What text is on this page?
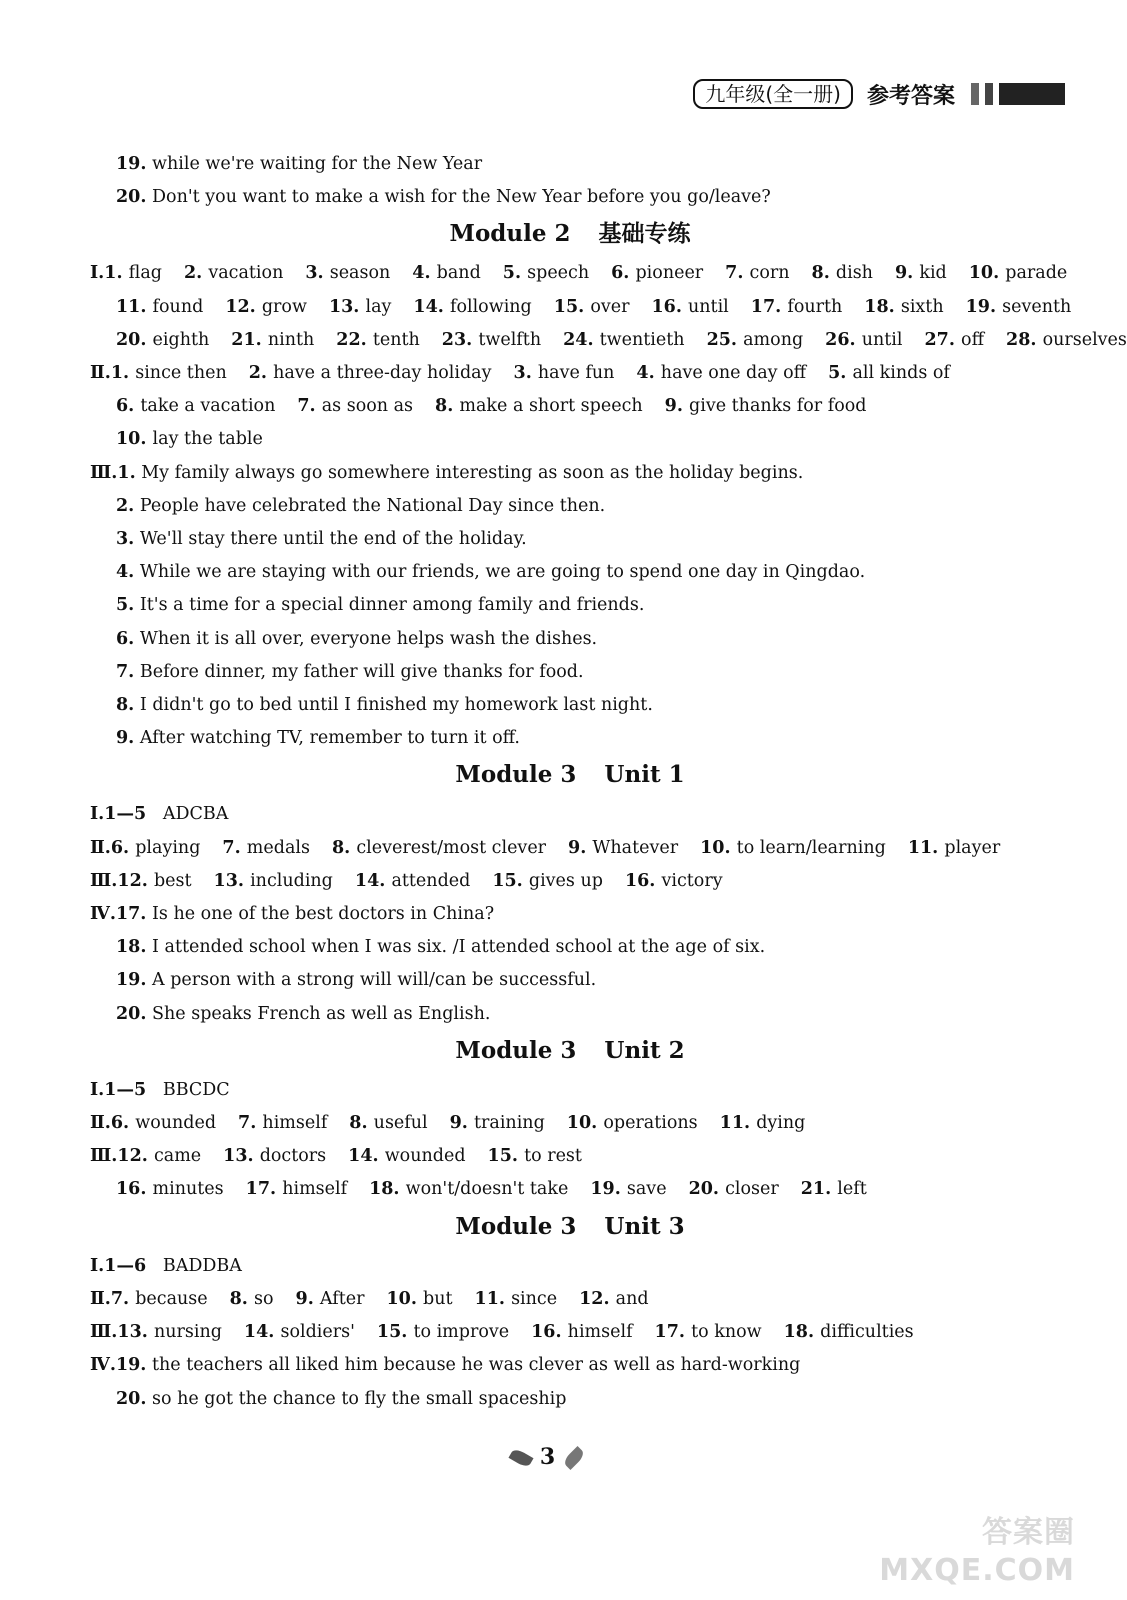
九年级(全一册)	参考答案
19. while we're waiting for the New Year
20. Don't you want to make a wish for the New Year before you go/leave?
Module 2 基础专练
Ⅰ.1. flag 2. vacation 3. season 4. band 5. speech 6. pioneer 7. corn 8. dish 9. kid 10. parade
11. found 12. grow 13. lay 14. following 15. over 16. until 17. fourth 18. sixth 19. seventh
20. eighth 21. ninth 22. tenth 23. twelfth 24. twentieth 25. among 26. until 27. off 28. ourselves
Ⅱ.1. since then 2. have a three-day holiday 3. have fun 4. have one day off 5. all kinds of
6. take a vacation 7. as soon as 8. make a short speech 9. give thanks for food
10. lay the table
Ⅲ.1. My family always go somewhere interesting as soon as the holiday begins.
2. People have celebrated the National Day since then.
3. We'll stay there until the end of the holiday.
4. While we are staying with our friends, we are going to spend one day in Qingdao.
5. It's a time for a special dinner among family and friends.
6. When it is all over, everyone helps wash the dishes.
7. Before dinner, my father will give thanks for food.
8. I didn't go to bed until I finished my homework last night.
9. After watching TV, remember to turn it off.
Module 3 Unit 1
Ⅰ.1—5 ADCBA
Ⅱ.6. playing 7. medals 8. cleverest/most clever 9. Whatever 10. to learn/learning 11. player
Ⅲ.12. best 13. including 14. attended 15. gives up 16. victory
Ⅳ.17. Is he one of the best doctors in China?
18. I attended school when I was six. /I attended school at the age of six.
19. A person with a strong will will/can be successful.
20. She speaks French as well as English.
Module 3 Unit 2
Ⅰ.1—5 BBCDC
Ⅱ.6. wounded 7. himself 8. useful 9. training 10. operations 11. dying
Ⅲ.12. came 13. doctors 14. wounded 15. to rest
16. minutes 17. himself 18. won't/doesn't take 19. save 20. closer 21. left
Module 3 Unit 3
Ⅰ.1—6 BADDBA
Ⅱ.7. because 8. so 9. After 10. but 11. since 12. and
Ⅲ.13. nursing 14. soldiers' 15. to improve 16. himself 17. to know 18. difficulties
Ⅳ.19. the teachers all liked him because he was clever as well as hard-working
20. so he got the chance to fly the small spaceship
3
答案圈
MXQE.COM
